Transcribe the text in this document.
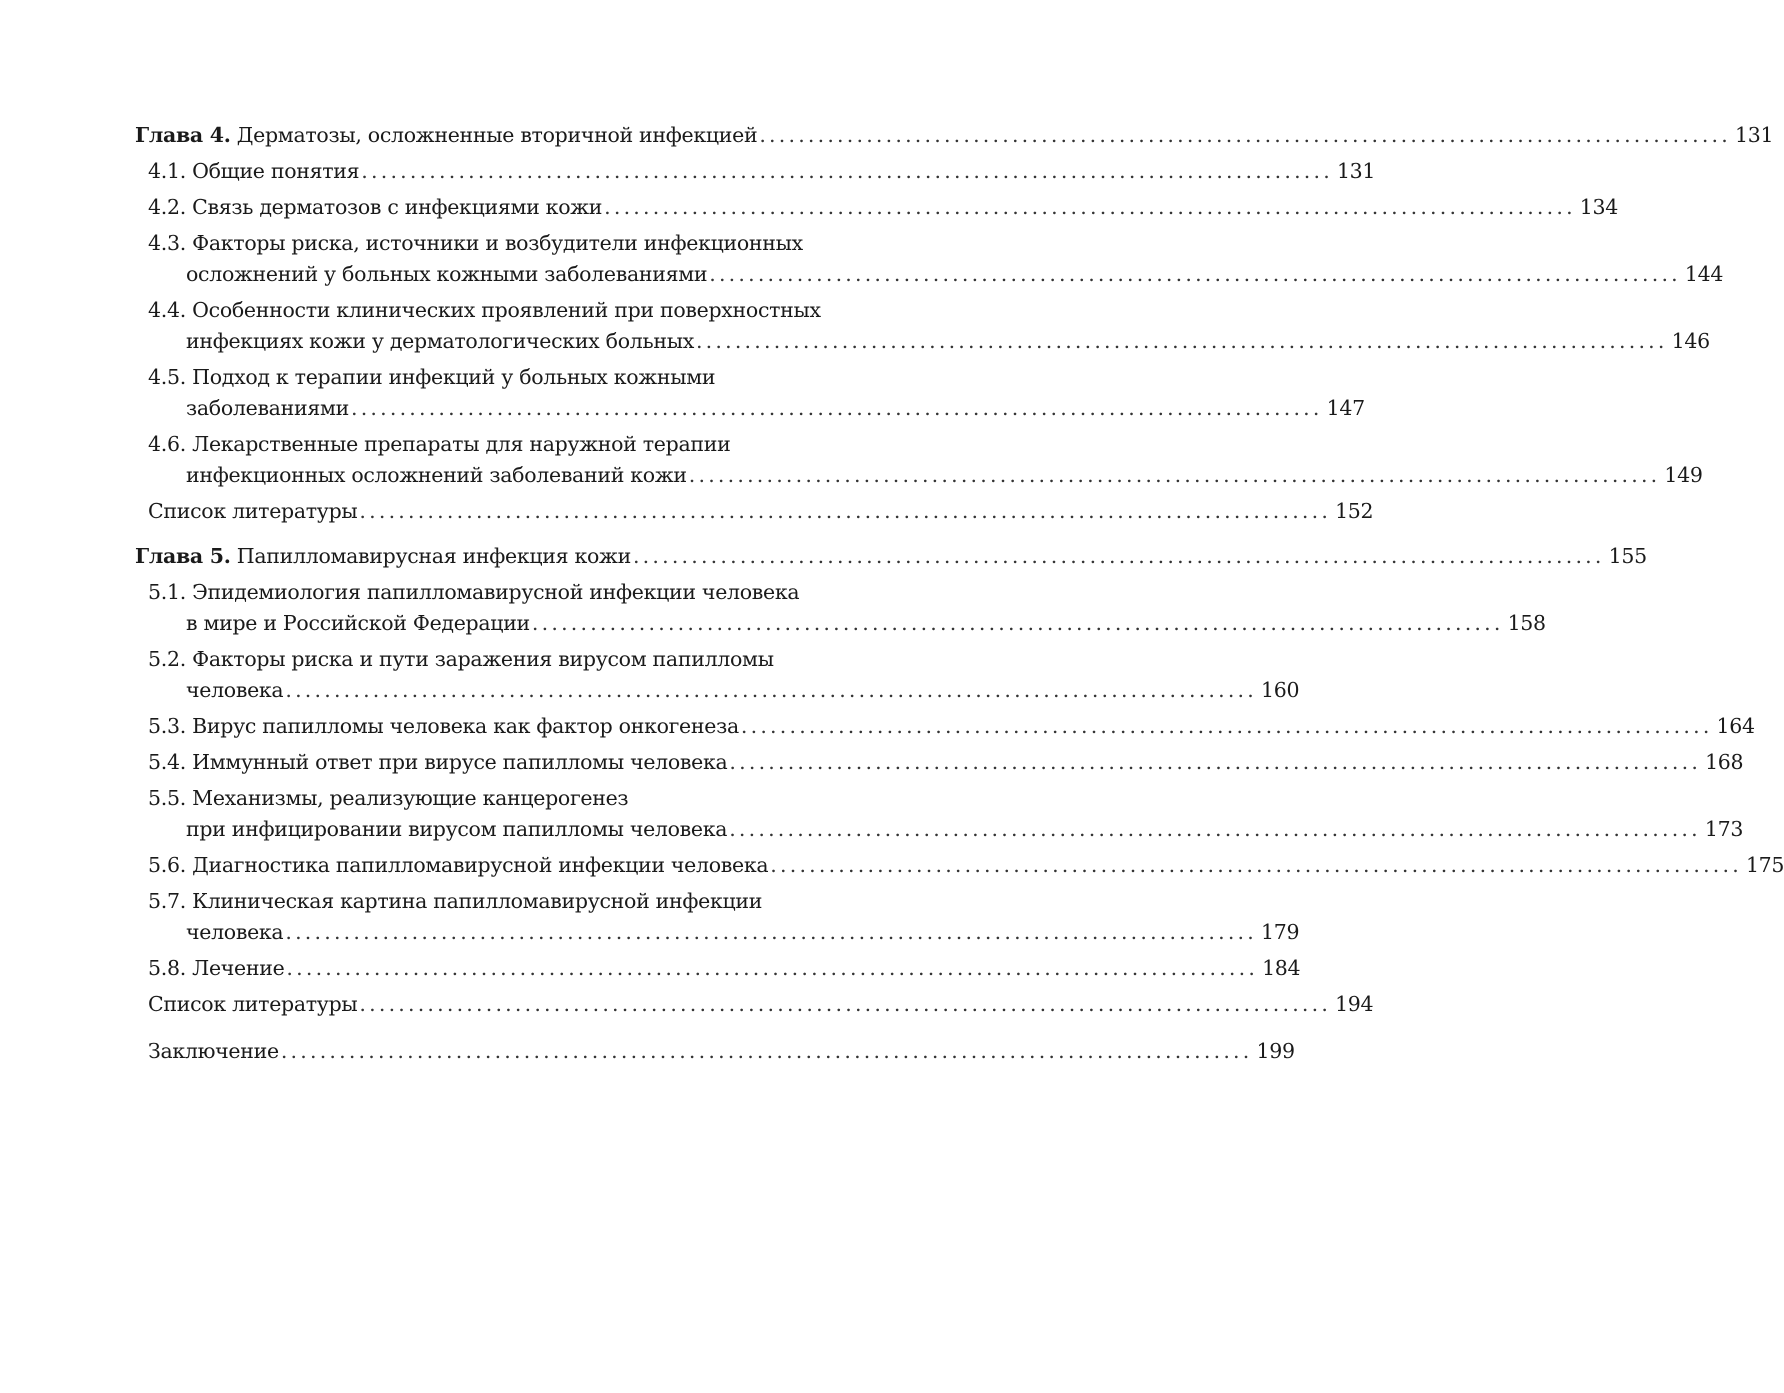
Глава 4. Дерматозы, осложненные вторичной инфекцией .................................................................................................... 131
4.1. Общие понятия .................................................................................................... 131
4.2. Связь дерматозов с инфекциями кожи .................................................................................................... 134
4.3. Факторы риска, источники и возбудители инфекционных
осложнений у больных кожными заболеваниями .................................................................................................... 144
4.4. Особенности клинических проявлений при поверхностных
инфекциях кожи у дерматологических больных .................................................................................................... 146
4.5. Подход к терапии инфекций у больных кожными
заболеваниями .................................................................................................... 147
4.6. Лекарственные препараты для наружной терапии
инфекционных осложнений заболеваний кожи .................................................................................................... 149
Список литературы .................................................................................................... 152
Глава 5. Папилломавирусная инфекция кожи .................................................................................................... 155
5.1. Эпидемиология папилломавирусной инфекции человека
в мире и Российской Федерации .................................................................................................... 158
5.2. Факторы риска и пути заражения вирусом папилломы
человека .................................................................................................... 160
5.3. Вирус папилломы человека как фактор онкогенеза .................................................................................................... 164
5.4. Иммунный ответ при вирусе папилломы человека .................................................................................................... 168
5.5. Механизмы, реализующие канцерогенез
при инфицировании вирусом папилломы человека .................................................................................................... 173
5.6. Диагностика папилломавирусной инфекции человека .................................................................................................... 175
5.7. Клиническая картина папилломавирусной инфекции
человека .................................................................................................... 179
5.8. Лечение .................................................................................................... 184
Список литературы .................................................................................................... 194
Заключение .................................................................................................... 199
